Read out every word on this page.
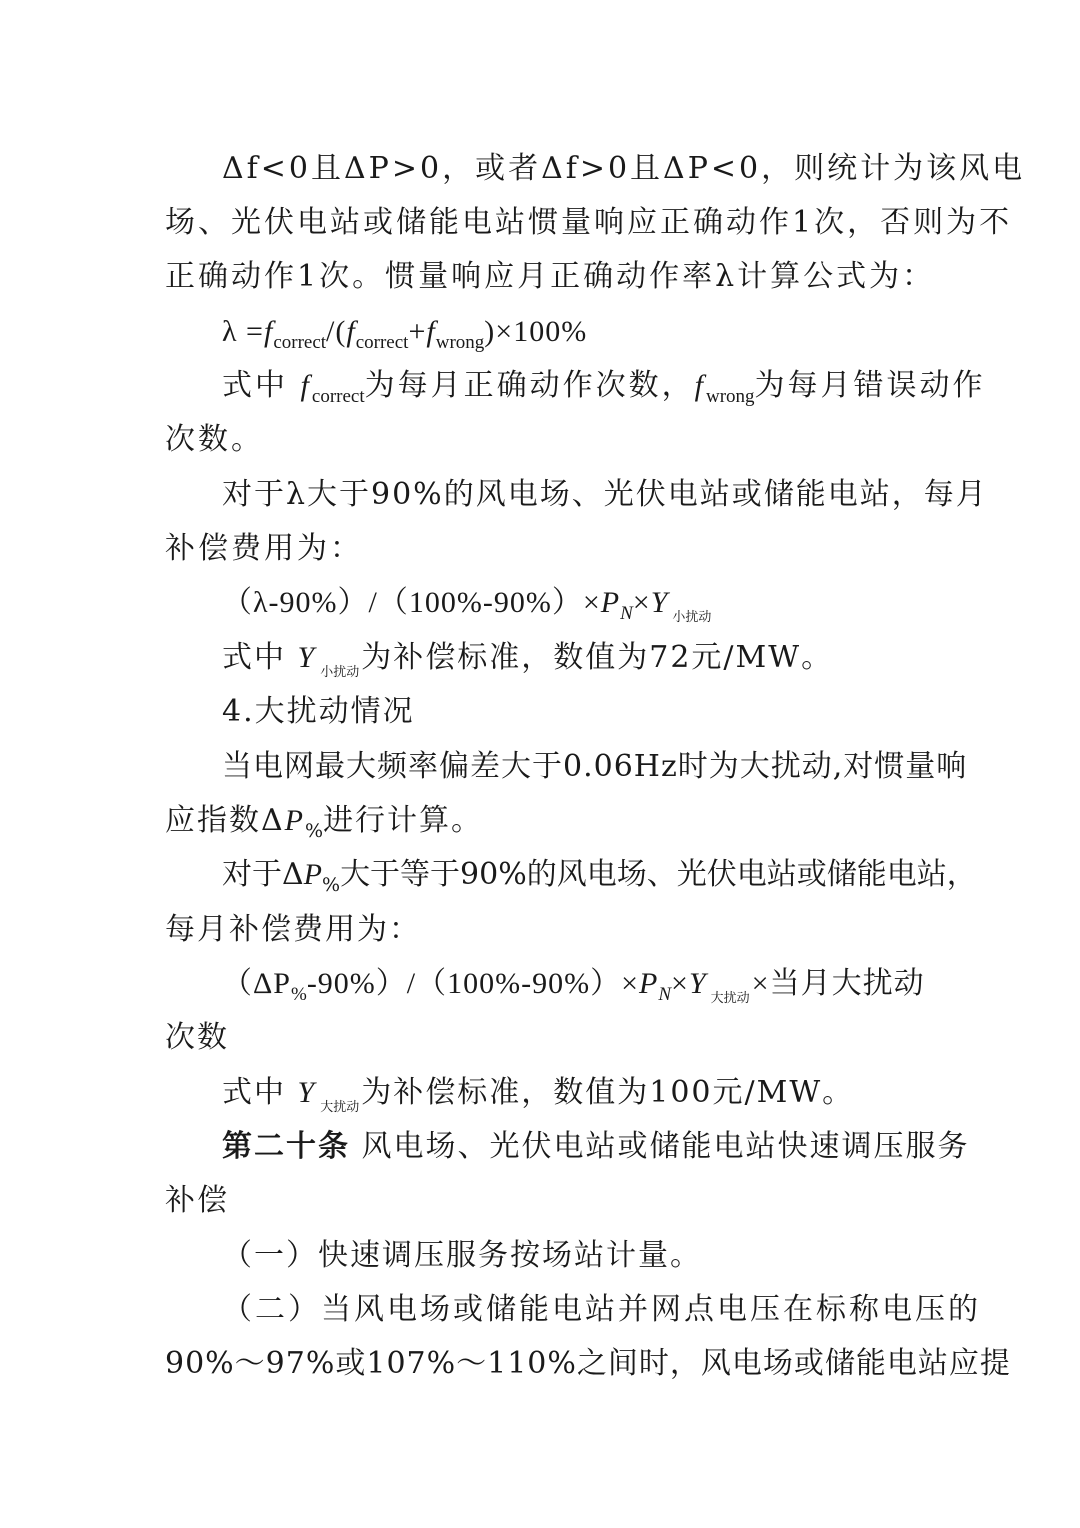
Δf<0且ΔP>0，或者Δf>0且ΔP<0，则统计为该风电
场、光伏电站或储能电站惯量响应正确动作1次，否则为不
正确动作1次。惯量响应月正确动作率λ计算公式为：
$\lambda =f_{correct}/(f_{correct}+f_{wrong})\times 100\%$
式中 $f_{correct}$为每月正确动作次数，$f_{wrong}$为每月错误动作
次数。
对于λ大于90%的风电场、光伏电站或储能电站，每月
补偿费用为：
$(\lambda-90\%)/(100\%-90\%)\times P_N\times Y$ $_{小扰动}$
式中 Y $_{小扰动}$为补偿标准，数值为72元/MW。
4.大扰动情况
当电网最大频率偏差大于0.06Hz时为大扰动,对惯量响
应指数$\Delta P_{\%}$进行计算。
对于$\Delta P_{\%}$大于等于90%的风电场、光伏电站或储能电站，
每月补偿费用为：
$(\Delta P_{\%}-90\%)/(100\%-90\%)\times P_N\times Y$ $_{大扰动}$×当月大扰动
次数
式中 Y $_{大扰动}$为补偿标准，数值为100元/MW。
第二十条 风电场、光伏电站或储能电站快速调压服务
补偿
（一）快速调压服务按场站计量。
（二）当风电场或储能电站并网点电压在标称电压的
90%～97%或107%～110%之间时，风电场或储能电站应提
